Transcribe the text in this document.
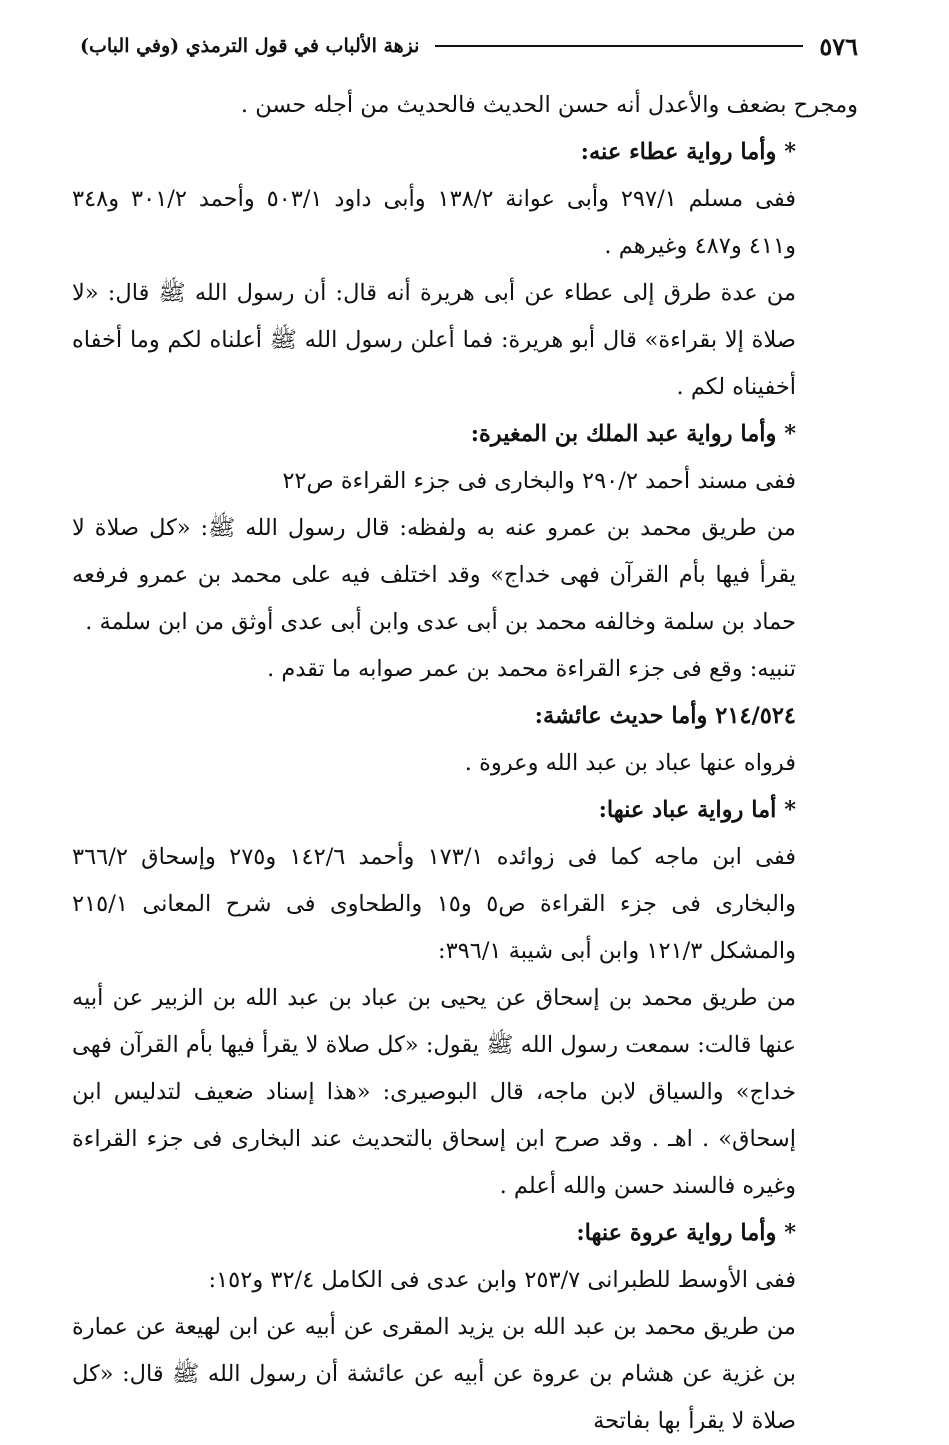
٥٧٦
نزهة الألباب في قول الترمذي (وفي الباب)

ومجرح بضعف والأعدل أنه حسن الحديث فالحديث من أجله حسن .

* وأما رواية عطاء عنه:

ففى مسلم ٢٩٧/١ وأبى عوانة ١٣٨/٢ وأبى داود ٥٠٣/١ وأحمد ٣٠١/٢ و٣٤٨ و٤١١ و٤٨٧ وغيرهم .

من عدة طرق إلى عطاء عن أبى هريرة أنه قال: أن رسول الله ﷺ قال: «لا صلاة إلا بقراءة» قال أبو هريرة: فما أعلن رسول الله ﷺ أعلناه لكم وما أخفاه أخفيناه لكم .

* وأما رواية عبد الملك بن المغيرة:

ففى مسند أحمد ٢٩٠/٢ والبخارى فى جزء القراءة ص٢٢

من طريق محمد بن عمرو عنه به ولفظه: قال رسول الله ﷺ: «كل صلاة لا يقرأ فيها بأم القرآن فهى خداج» وقد اختلف فيه على محمد بن عمرو فرفعه حماد بن سلمة وخالفه محمد بن أبى عدى وابن أبى عدى أوثق من ابن سلمة .

تنبيه: وقع فى جزء القراءة محمد بن عمر صوابه ما تقدم .

٢١٤/٥٢٤ وأما حديث عائشة:

فرواه عنها عباد بن عبد الله وعروة .

* أما رواية عباد عنها:

ففى ابن ماجه كما فى زوائده ١٧٣/١ وأحمد ١٤٢/٦ و٢٧٥ وإسحاق ٣٦٦/٢ والبخارى فى جزء القراءة ص٥ و١٥ والطحاوى فى شرح المعانى ٢١٥/١ والمشكل ١٢١/٣ وابن أبى شيبة ٣٩٦/١:

من طريق محمد بن إسحاق عن يحيى بن عباد بن عبد الله بن الزبير عن أبيه عنها قالت: سمعت رسول الله ﷺ يقول: «كل صلاة لا يقرأ فيها بأم القرآن فهى خداج» والسياق لابن ماجه، قال البوصيرى: «هذا إسناد ضعيف لتدليس ابن إسحاق» . اهـ . وقد صرح ابن إسحاق بالتحديث عند البخارى فى جزء القراءة وغيره فالسند حسن والله أعلم .

* وأما رواية عروة عنها:

ففى الأوسط للطبرانى ٢٥٣/٧ وابن عدى فى الكامل ٣٢/٤ و١٥٢:

من طريق محمد بن عبد الله بن يزيد المقرى عن أبيه عن ابن لهيعة عن عمارة بن غزية عن هشام بن عروة عن أبيه عن عائشة أن رسول الله ﷺ قال: «كل صلاة لا يقرأ بها بفاتحة
